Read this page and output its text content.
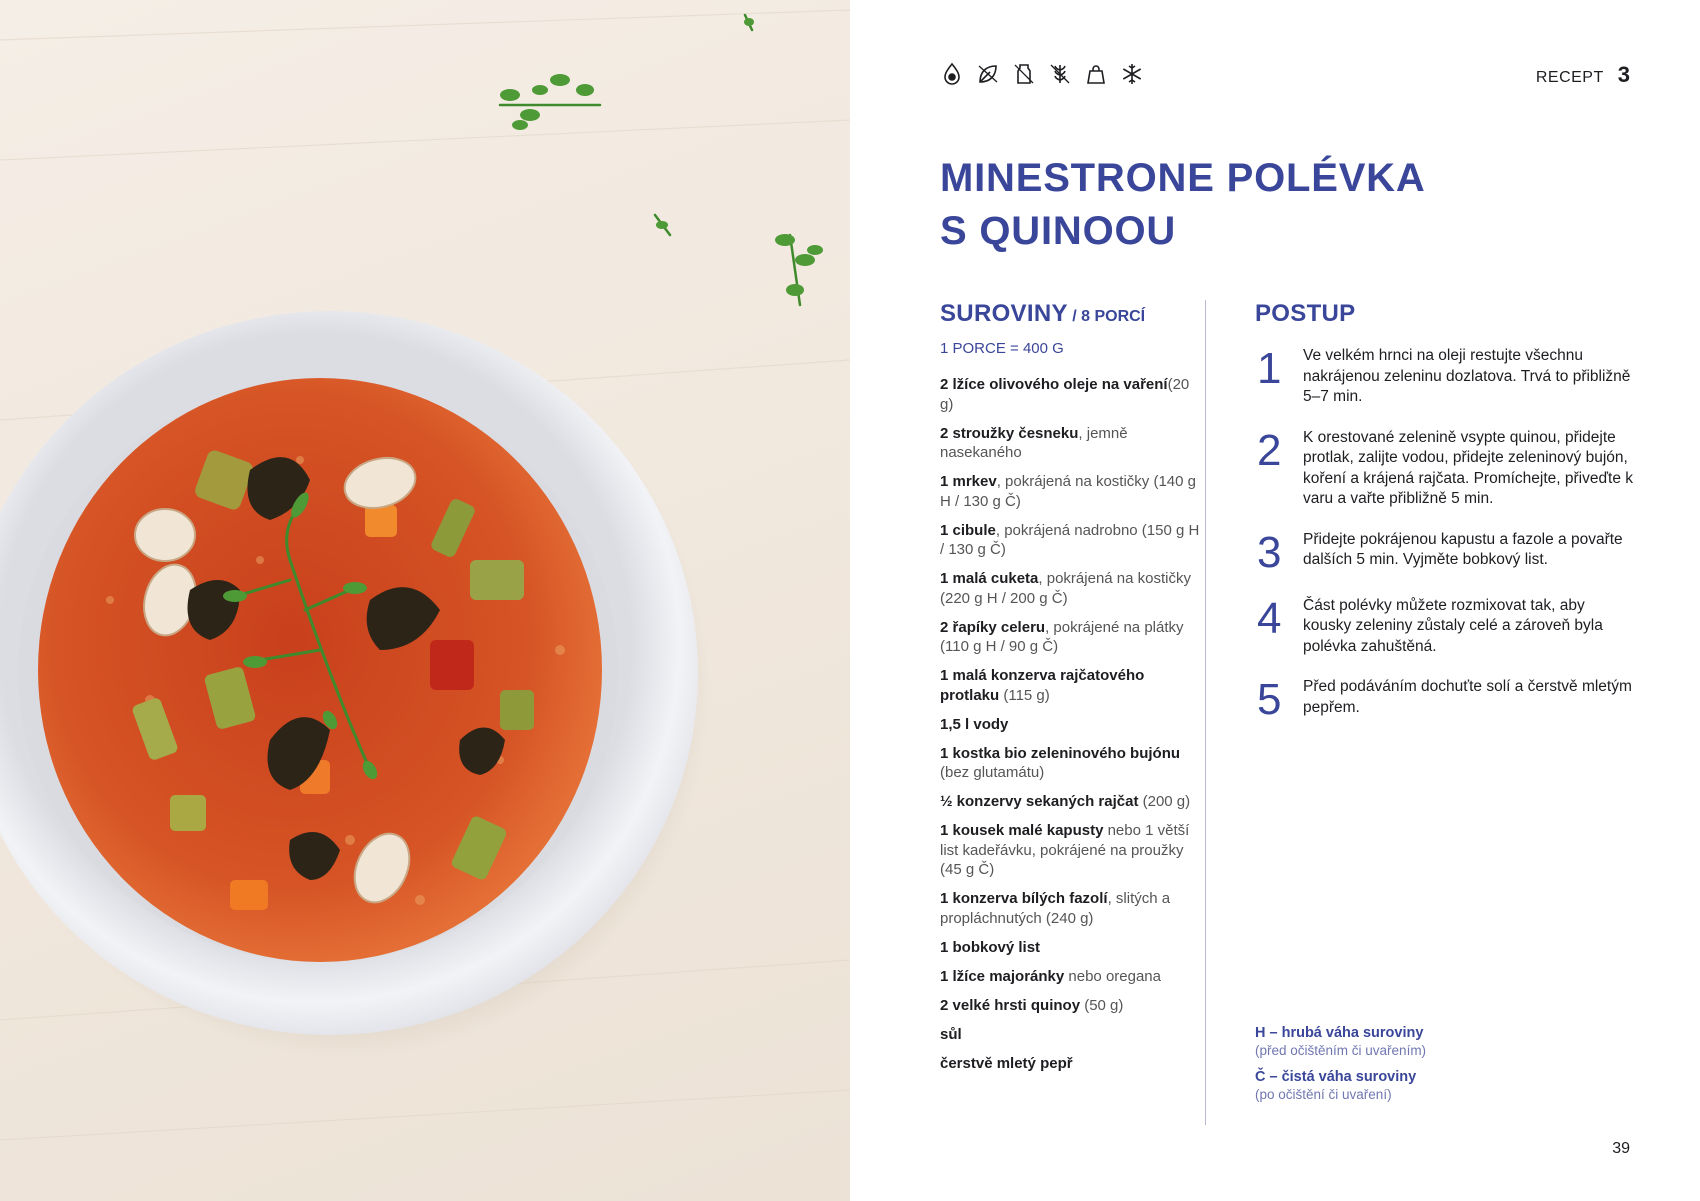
RECEPT 3
MINESTRONE POLÉVKA
S QUINOOU
SUROVINY / 8 PORCÍ
1 PORCE = 400 G
2 lžíce olivového oleje na vaření(20 g)
2 stroužky česneku, jemně nasekaného
1 mrkev, pokrájená na kostičky (140 g H / 130 g Č)
1 cibule, pokrájená nadrobno (150 g H / 130 g Č)
1 malá cuketa, pokrájená na kostičky (220 g H / 200 g Č)
2 řapíky celeru, pokrájené na plátky (110 g H / 90 g Č)
1 malá konzerva rajčatového protlaku (115 g)
1,5 l vody
1 kostka bio zeleninového bujónu (bez glutamátu)
½ konzervy sekaných rajčat (200 g)
1 kousek malé kapusty nebo 1 větší list kadeřávku, pokrájené na proužky (45 g Č)
1 konzerva bílých fazolí, slitých a propláchnutých (240 g)
1 bobkový list
1 lžíce majoránky nebo oregana
2 velké hrsti quinoy (50 g)
sůl
čerstvě mletý pepř
POSTUP
1	Ve velkém hrnci na oleji restujte všechnu nakrájenou zeleninu dozlatova. Trvá to přibližně 5–7 min.
2	K orestované zelenině vsypte quinou, přidejte protlak, zalijte vodou, přidejte zeleninový bujón, koření a krájená rajčata. Promíchejte, přiveďte k varu a vařte přibližně 5 min.
3	Přidejte pokrájenou kapustu a fazole a povařte dalších 5 min. Vyjměte bobkový list.
4	Část polévky můžete rozmixovat tak, aby kousky zeleniny zůstaly celé a zároveň byla polévka zahuštěná.
5	Před podáváním dochuťte solí a čerstvě mletým pepřem.
H – hrubá váha suroviny
(před očištěním či uvařením)
Č – čistá váha suroviny
(po očištění či uvaření)
39
